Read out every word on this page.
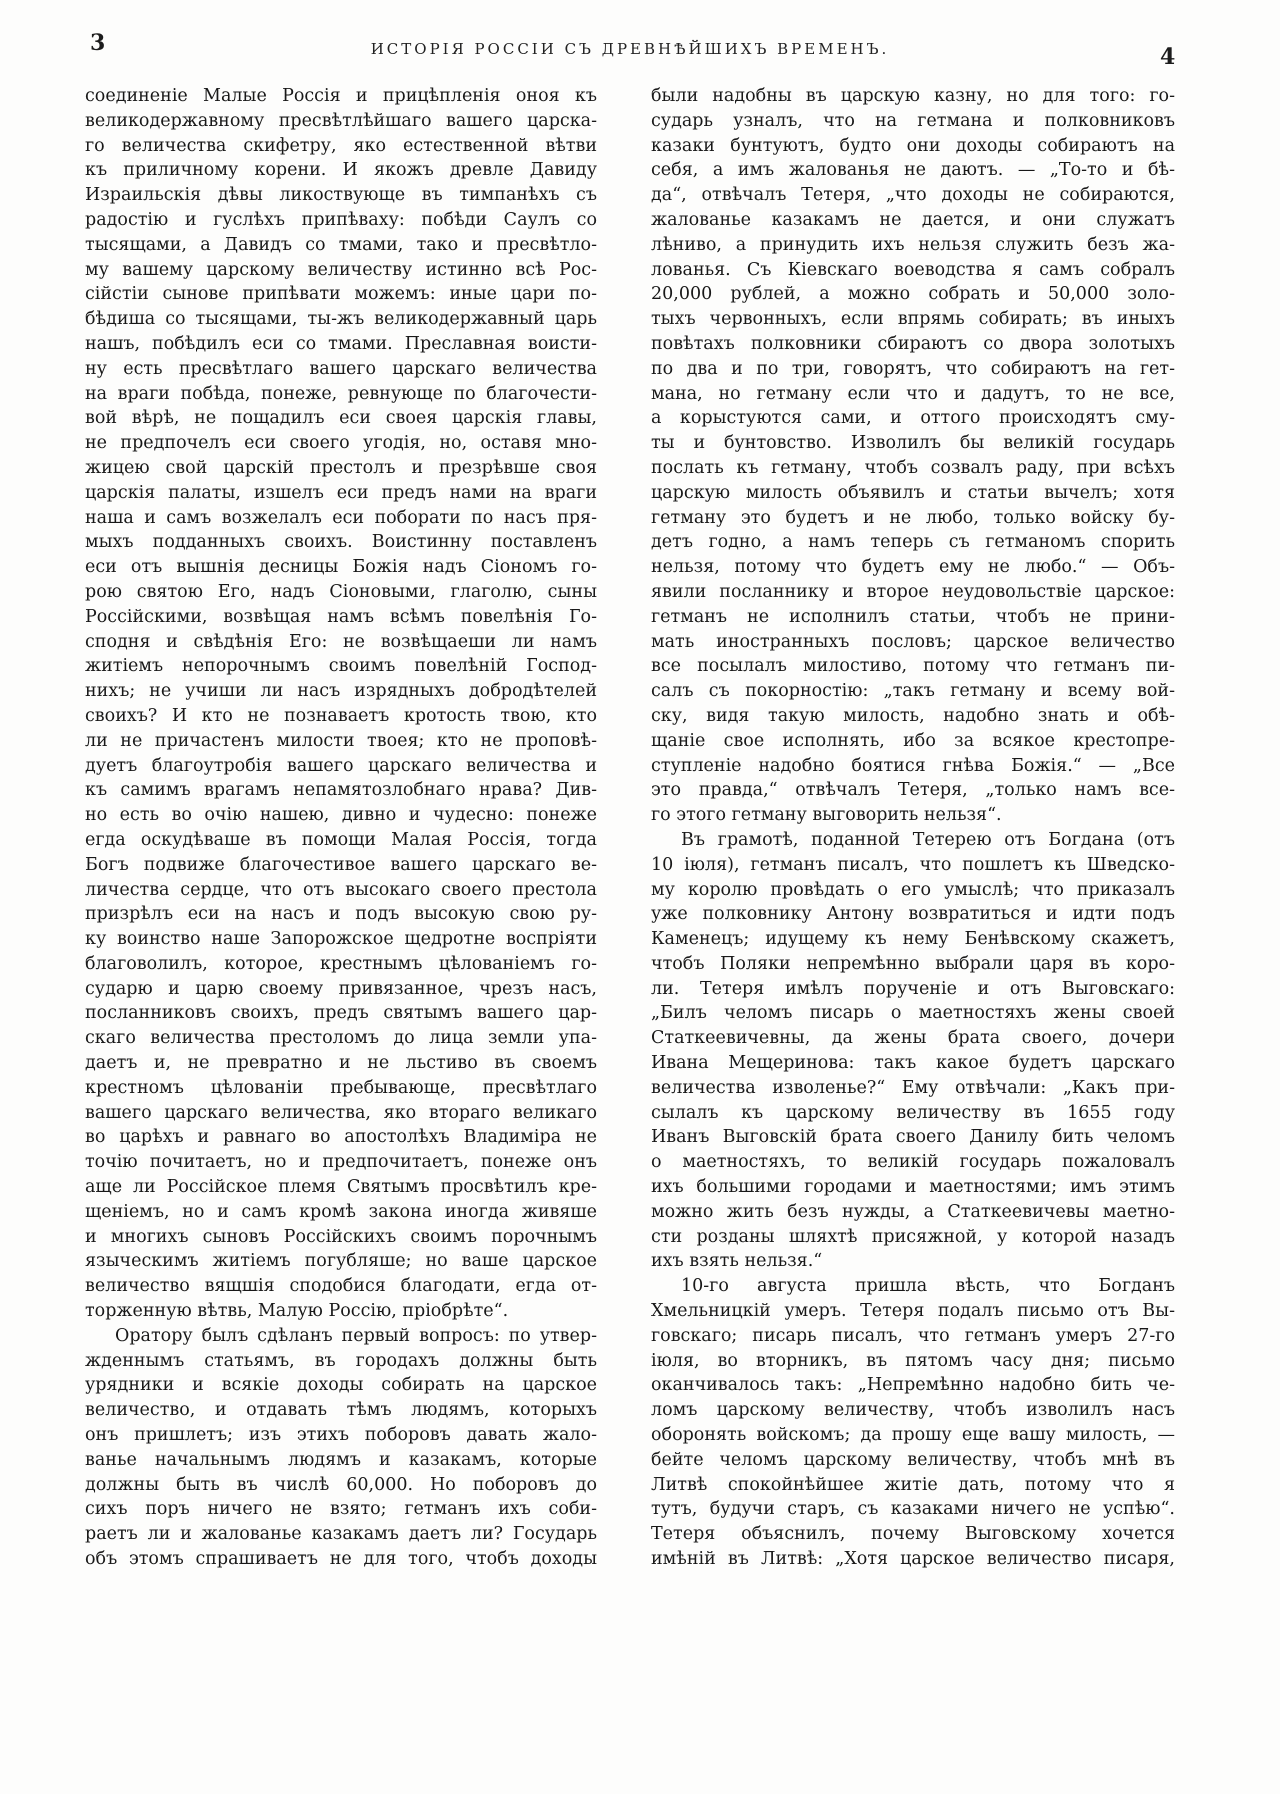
3	ИСТОРІЯ РОССІИ СЪ ДРЕВНѢЙШИХЪ ВРЕМЕНЪ.	4
соединеніе Малые Россія и прицѣпленія оноя къ
великодержавному пресвѣтлѣйшаго вашего царска-
го величества скифетру, яко естественной вѣтви
къ приличному корени. И якожъ древле Давиду
Израильскія дѣвы ликоствующе въ тимпанѣхъ съ
радостію и гуслѣхъ припѣваху: побѣди Саулъ со
тысящами, а Давидъ со тмами, тако и пресвѣтло-
му вашему царскому величеству истинно всѣ Рос-
сійстіи сынове припѣвати можемъ: иные цари по-
бѣдиша со тысящами, ты-жъ великодержавный царь
нашъ, побѣдилъ еси со тмами. Преславная воисти-
ну есть пресвѣтлаго вашего царскаго величества
на враги побѣда, понеже, ревнующе по благочести-
вой вѣрѣ, не пощадилъ еси своея царскія главы,
не предпочелъ еси своего угодія, но, оставя мно-
жицею свой царскій престолъ и презрѣвше своя
царскія палаты, изшелъ еси предъ нами на враги
наша и самъ возжелалъ еси поборати по насъ пря-
мыхъ подданныхъ своихъ. Воистинну поставленъ
еси отъ вышнія десницы Божія надъ Сіономъ го-
рою святою Его, надъ Сіоновыми, глаголю, сыны
Россійскими, возвѣщая намъ всѣмъ повелѣнія Го-
сподня и свѣдѣнія Его: не возвѣщаеши ли намъ
житіемъ непорочнымъ своимъ повелѣній Господ-
нихъ; не учиши ли насъ изрядныхъ добродѣтелей
своихъ? И кто не познаваетъ кротость твою, кто
ли не причастенъ милости твоея; кто не проповѣ-
дуетъ благоутробія вашего царскаго величества и
къ самимъ врагамъ непамятозлобнаго нрава? Див-
но есть во очію нашею, дивно и чудесно: понеже
егда оскудѣваше въ помощи Малая Россія, тогда
Богъ подвиже благочестивое вашего царскаго ве-
личества сердце, что отъ высокаго своего престола
призрѣлъ еси на насъ и подъ высокую свою ру-
ку воинство наше Запорожское щедротне воспріяти
благоволилъ, которое, крестнымъ цѣлованіемъ го-
сударю и царю своему привязанное, чрезъ насъ,
посланниковъ своихъ, предъ святымъ вашего цар-
скаго величества престоломъ до лица земли упа-
даетъ и, не превратно и не льстиво въ своемъ
крестномъ цѣлованіи пребывающе, пресвѣтлаго
вашего царскаго величества, яко втораго великаго
во царѣхъ и равнаго во апостолѣхъ Владиміра не
точію почитаетъ, но и предпочитаетъ, понеже онъ
аще ли Россійское племя Святымъ просвѣтилъ кре-
щеніемъ, но и самъ кромѣ закона иногда живяше
и многихъ сыновъ Россійскихъ своимъ порочнымъ
языческимъ житіемъ погубляше; но ваше царское
величество вящшія сподобися благодати, егда от-
торженную вѣтвь, Малую Россію, пріобрѣте“.
Оратору былъ сдѣланъ первый вопросъ: по утвер-
жденнымъ статьямъ, въ городахъ должны быть
урядники и всякіе доходы собирать на царское
величество, и отдавать тѣмъ людямъ, которыхъ
онъ пришлетъ; изъ этихъ поборовъ давать жало-
ванье начальнымъ людямъ и казакамъ, которые
должны быть въ числѣ 60,000. Но поборовъ до
сихъ поръ ничего не взято; гетманъ ихъ соби-
раетъ ли и жалованье казакамъ даетъ ли? Государь
объ этомъ спрашиваетъ не для того, чтобъ доходы
были надобны въ царскую казну, но для того: го-
сударь узналъ, что на гетмана и полковниковъ
казаки бунтуютъ, будто они доходы собираютъ на
себя, а имъ жалованья не даютъ. — „То-то и бѣ-
да“, отвѣчалъ Тетеря, „что доходы не собираются,
жалованье казакамъ не дается, и они служатъ
лѣниво, а принудить ихъ нельзя служить безъ жа-
лованья. Съ Кіевскаго воеводства я самъ собралъ
20,000 рублей, а можно собрать и 50,000 золо-
тыхъ червонныхъ, если впрямь собирать; въ иныхъ
повѣтахъ полковники сбираютъ со двора золотыхъ
по два и по три, говорятъ, что собираютъ на гет-
мана, но гетману если что и дадутъ, то не все,
а корыстуются сами, и оттого происходятъ сму-
ты и бунтовство. Изволилъ бы великій государь
послать къ гетману, чтобъ созвалъ раду, при всѣхъ
царскую милость объявилъ и статьи вычелъ; хотя
гетману это будетъ и не любо, только войску бу-
детъ годно, а намъ теперь съ гетманомъ спорить
нельзя, потому что будетъ ему не любо.“ — Объ-
явили посланнику и второе неудовольствіе царское:
гетманъ не исполнилъ статьи, чтобъ не прини-
мать иностранныхъ пословъ; царское величество
все посылалъ милостиво, потому что гетманъ пи-
салъ съ покорностію: „такъ гетману и всему вой-
ску, видя такую милость, надобно знать и обѣ-
щаніе свое исполнять, ибо за всякое крестопре-
ступленіе надобно боятися гнѣва Божія.“ — „Все
это правда,“ отвѣчалъ Тетеря, „только намъ все-
го этого гетману выговорить нельзя“.
Въ грамотѣ, поданной Тетерею отъ Богдана (отъ
10 іюля), гетманъ писалъ, что пошлетъ къ Шведско-
му королю провѣдать о его умыслѣ; что приказалъ
уже полковнику Антону возвратиться и идти подъ
Каменецъ; идущему къ нему Бенѣвскому скажетъ,
чтобъ Поляки непремѣнно выбрали царя въ коро-
ли. Тетеря имѣлъ порученіе и отъ Выговскаго:
„Билъ челомъ писарь о маетностяхъ жены своей
Статкеевичевны, да жены брата своего, дочери
Ивана Мещеринова: такъ какое будетъ царскаго
величества изволенье?“ Ему отвѣчали: „Какъ при-
сылалъ къ царскому величеству въ 1655 году
Иванъ Выговскій брата своего Данилу бить челомъ
о маетностяхъ, то великій государь пожаловалъ
ихъ большими городами и маетностями; имъ этимъ
можно жить безъ нужды, а Статкеевичевы маетно-
сти розданы шляхтѣ присяжной, у которой назадъ
ихъ взять нельзя.“
10-го августа пришла вѣсть, что Богданъ
Хмельницкій умеръ. Тетеря подалъ письмо отъ Вы-
говскаго; писарь писалъ, что гетманъ умеръ 27-го
іюля, во вторникъ, въ пятомъ часу дня; письмо
оканчивалось такъ: „Непремѣнно надобно бить че-
ломъ царскому величеству, чтобъ изволилъ насъ
оборонять войскомъ; да прошу еще вашу милость, —
бейте челомъ царскому величеству, чтобъ мнѣ въ
Литвѣ спокойнѣйшее житіе дать, потому что я
тутъ, будучи старъ, съ казаками ничего не успѣю“.
Тетеря объяснилъ, почему Выговскому хочется
имѣній въ Литвѣ: „Хотя царское величество писаря,
